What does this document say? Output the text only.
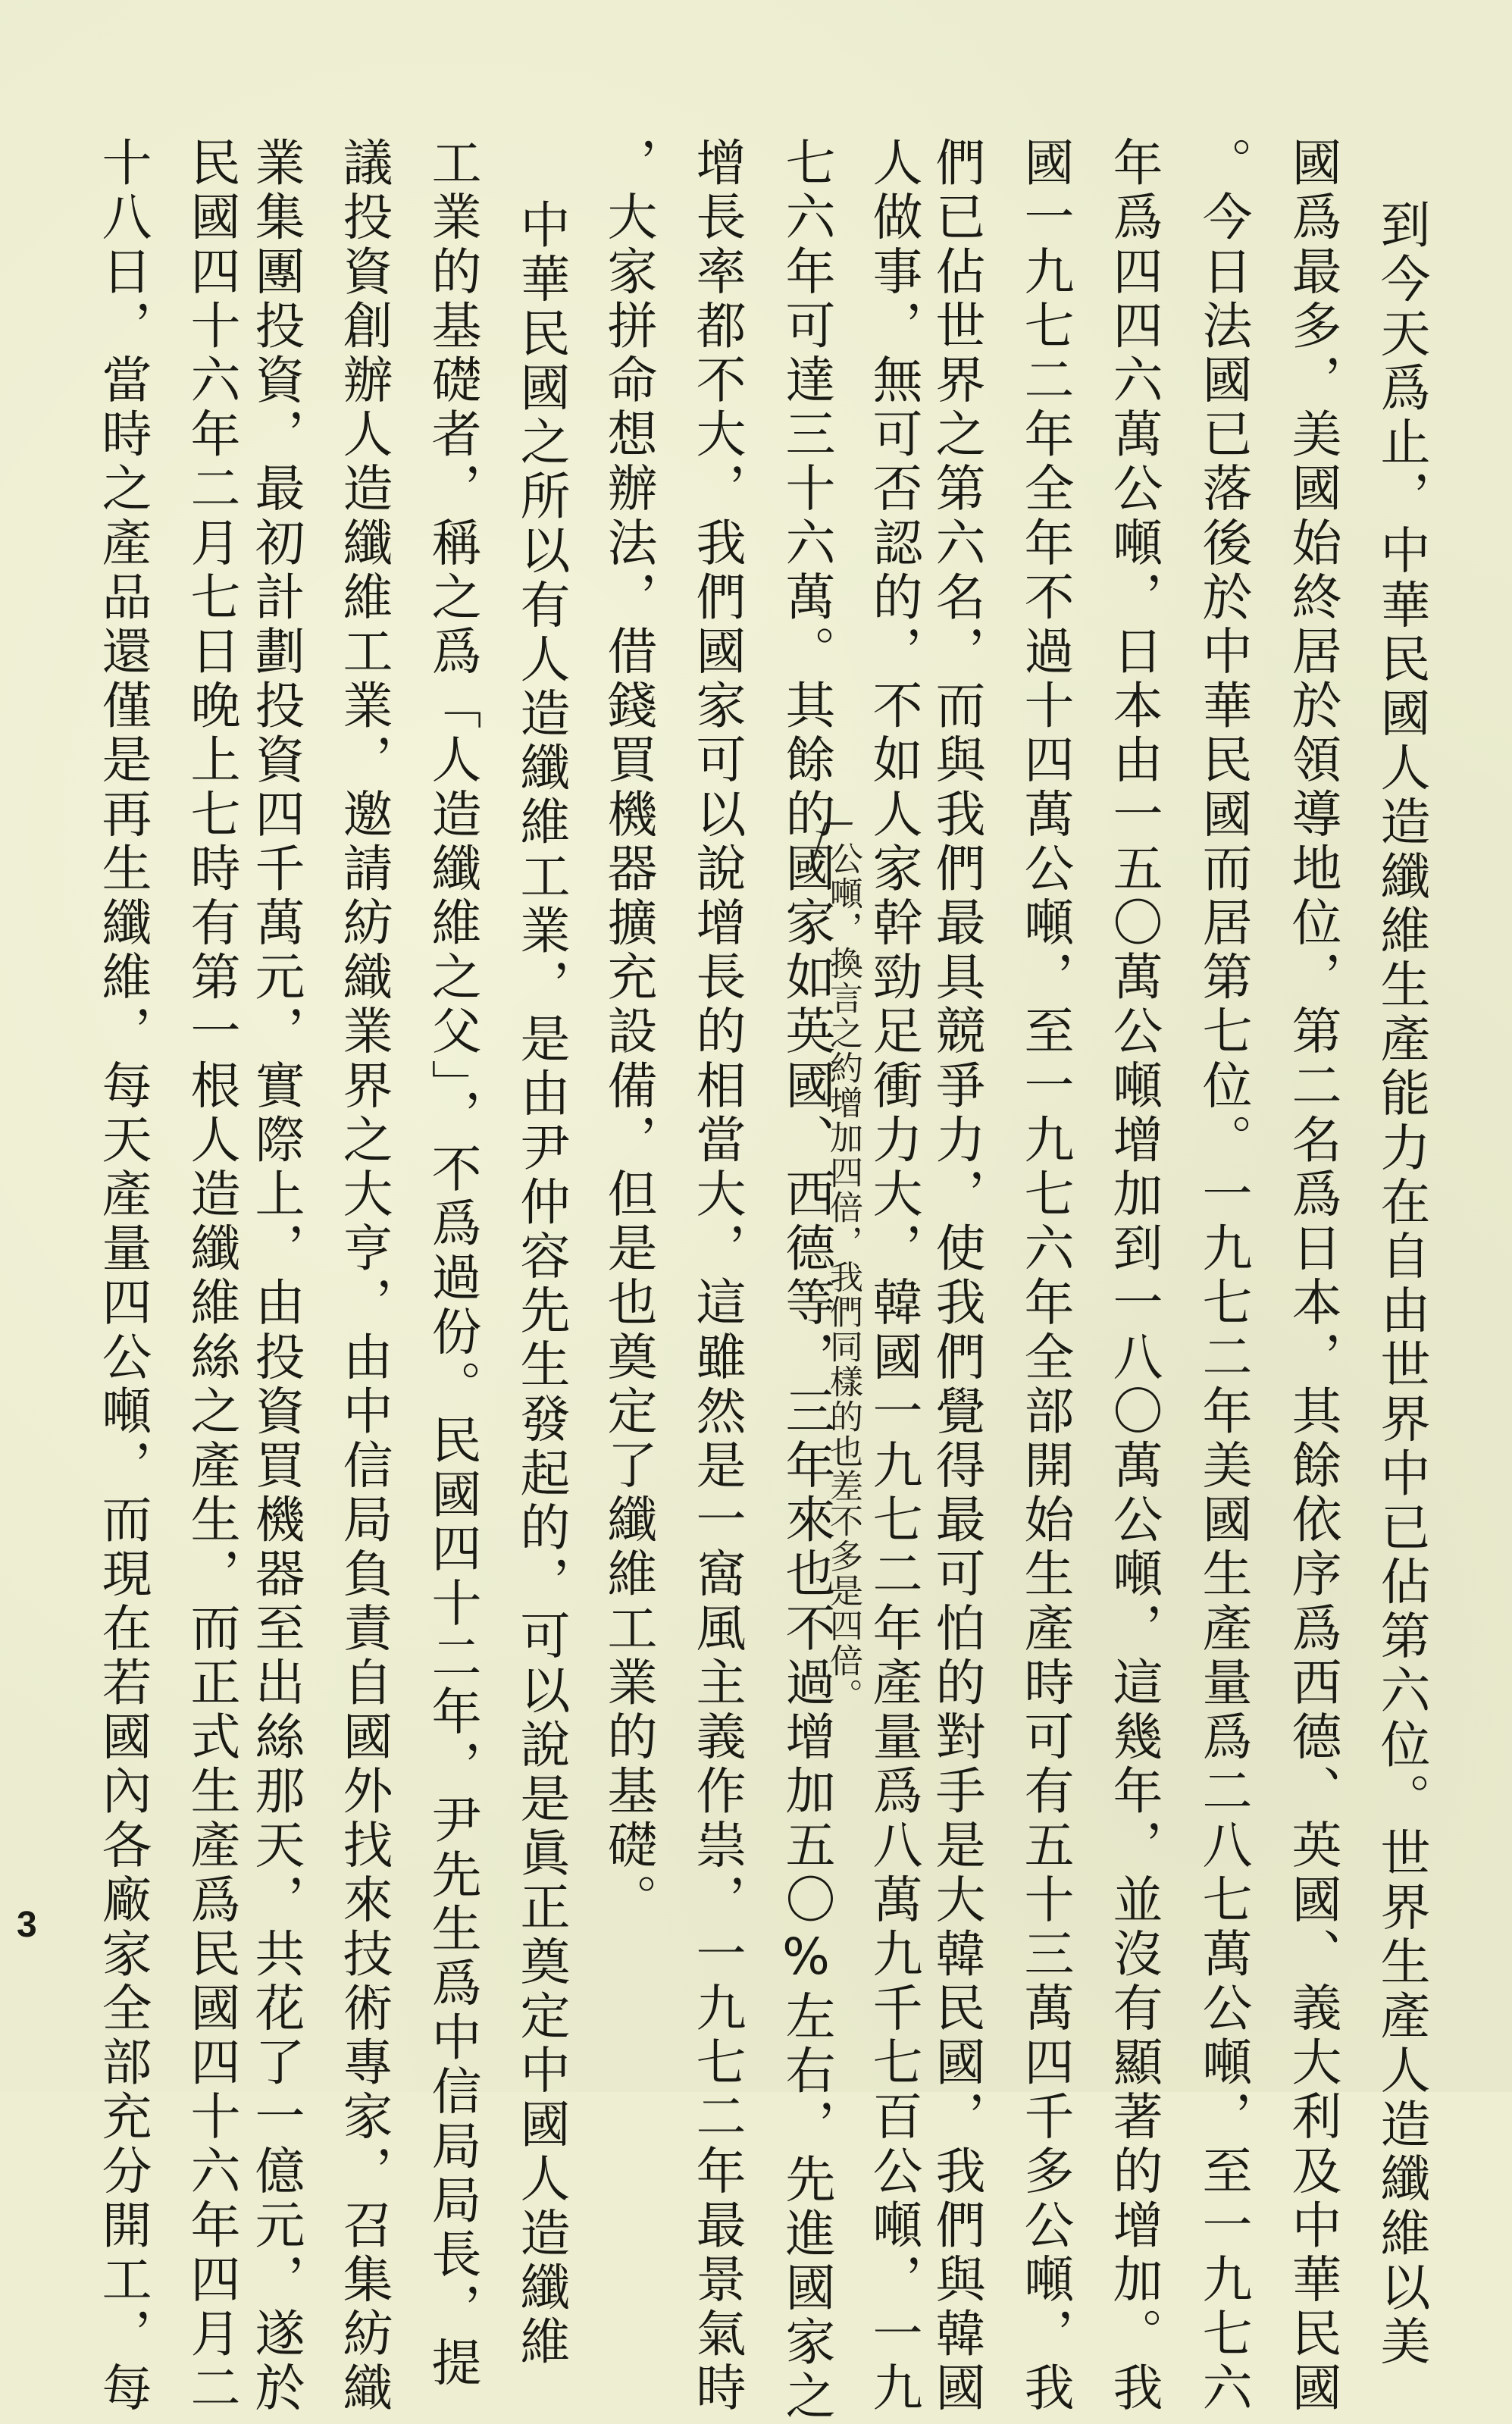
到今天爲止，中華民國人造纖維生產能力在自由世界中已佔第六位。世界生產人造纖維以美
國爲最多，美國始終居於領導地位，第二名爲日本，其餘依序爲西德、英國、義大利及中華民國
。今日法國已落後於中華民國而居第七位。一九七二年美國生產量爲二八七萬公噸，至一九七六
年爲四四六萬公噸，日本由一五〇萬公噸增加到一八〇萬公噸，這幾年，並沒有顯著的增加。我
國一九七二年全年不過十四萬公噸，至一九七六年全部開始生產時可有五十三萬四千多公噸，我
們已佔世界之第六名，而與我們最具競爭力，使我們覺得最可怕的對手是大韓民國，我們與韓國
人做事，無可否認的，不如人家幹勁足衝力大，韓國一九七二年產量爲八萬九千七百公噸，一九
公噸，換言之約增加四倍，我們同樣的也差不多是四倍。
七六年可達三十六萬。其餘的國家如英國、西德等，三年來也不過增加五〇%左右，先進國家之
增長率都不大，我們國家可以說增長的相當大，這雖然是一窩風主義作祟，一九七二年最景氣時
，大家拼命想辦法，借錢買機器擴充設備，但是也奠定了纖維工業的基礎。
中華民國之所以有人造纖維工業，是由尹仲容先生發起的，可以說是眞正奠定中國人造纖維
工業的基礎者，稱之爲「人造纖維之父」，不爲過份。民國四十二年，尹先生爲中信局局長，提
議投資創辦人造纖維工業，邀請紡織業界之大亨，由中信局負責自國外找來技術專家，召集紡織
業集團投資，最初計劃投資四千萬元，實際上，由投資買機器至出絲那天，共花了一億元，遂於
民國四十六年二月七日晚上七時有第一根人造纖維絲之產生，而正式生產爲民國四十六年四月二
十八日，當時之產品還僅是再生纖維，每天產量四公噸，而現在若國內各廠家全部充分開工，每
3
